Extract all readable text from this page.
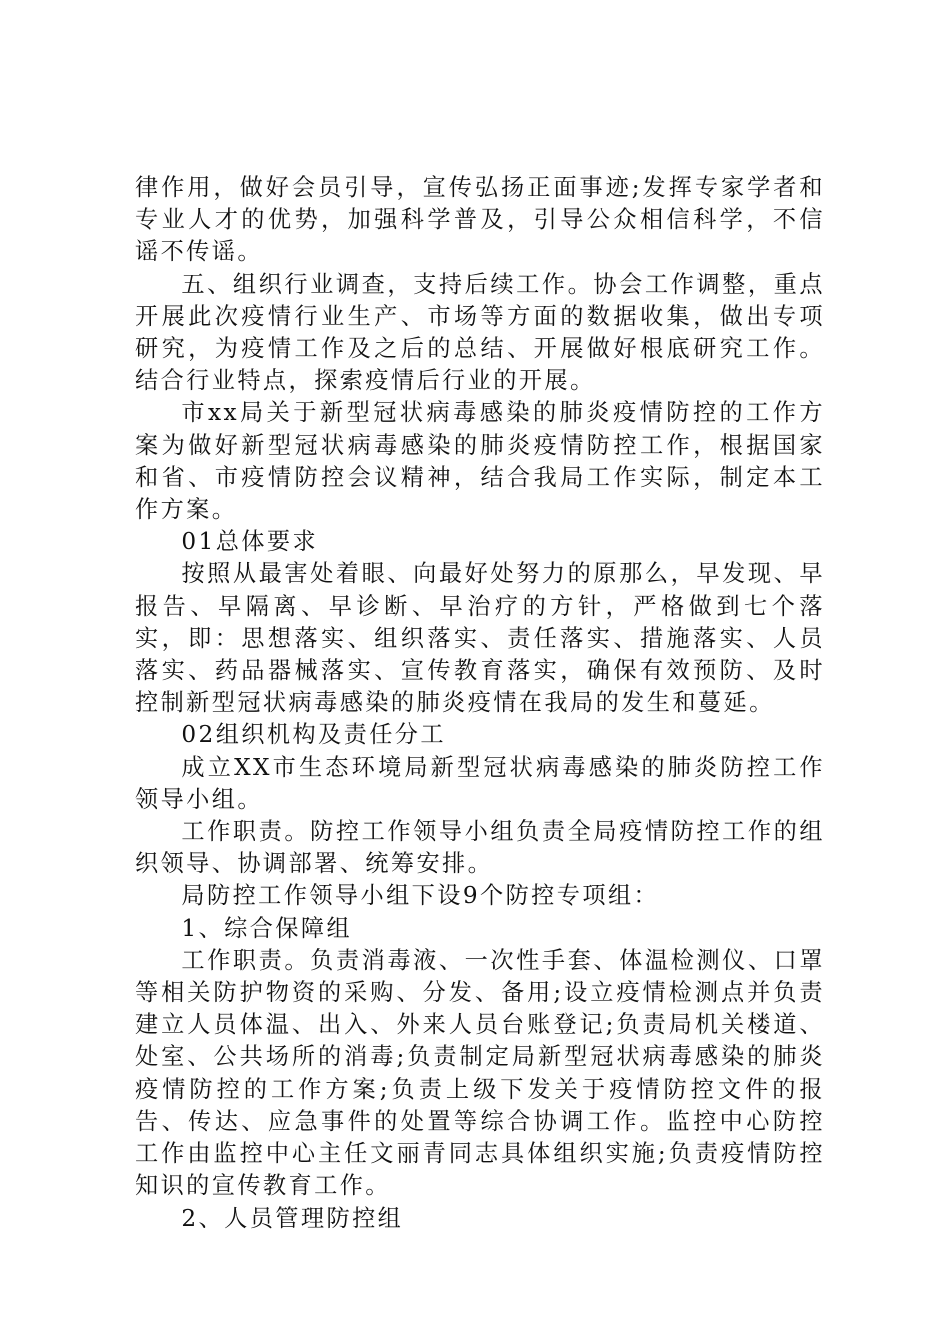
律作用，做好会员引导，宣传弘扬正面事迹;发挥专家学者和专业人才的优势，加强科学普及，引导公众相信科学，不信谣不传谣。

五、组织行业调查，支持后续工作。协会工作调整，重点开展此次疫情行业生产、市场等方面的数据收集，做出专项研究，为疫情工作及之后的总结、开展做好根底研究工作。结合行业特点，探索疫情后行业的开展。

市xx局关于新型冠状病毒感染的肺炎疫情防控的工作方案为做好新型冠状病毒感染的肺炎疫情防控工作，根据国家和省、市疫情防控会议精神，结合我局工作实际，制定本工作方案。

01总体要求

按照从最害处着眼、向最好处努力的原那么，早发现、早报告、早隔离、早诊断、早治疗的方针，严格做到七个落实，即：思想落实、组织落实、责任落实、措施落实、人员落实、药品器械落实、宣传教育落实，确保有效预防、及时控制新型冠状病毒感染的肺炎疫情在我局的发生和蔓延。

02组织机构及责任分工

成立XX市生态环境局新型冠状病毒感染的肺炎防控工作领导小组。

工作职责。防控工作领导小组负责全局疫情防控工作的组织领导、协调部署、统筹安排。

局防控工作领导小组下设9个防控专项组：

1、综合保障组

工作职责。负责消毒液、一次性手套、体温检测仪、口罩等相关防护物资的采购、分发、备用;设立疫情检测点并负责建立人员体温、出入、外来人员台账登记;负责局机关楼道、处室、公共场所的消毒;负责制定局新型冠状病毒感染的肺炎疫情防控的工作方案;负责上级下发关于疫情防控文件的报告、传达、应急事件的处置等综合协调工作。监控中心防控工作由监控中心主任文丽青同志具体组织实施;负责疫情防控知识的宣传教育工作。

2、人员管理防控组
